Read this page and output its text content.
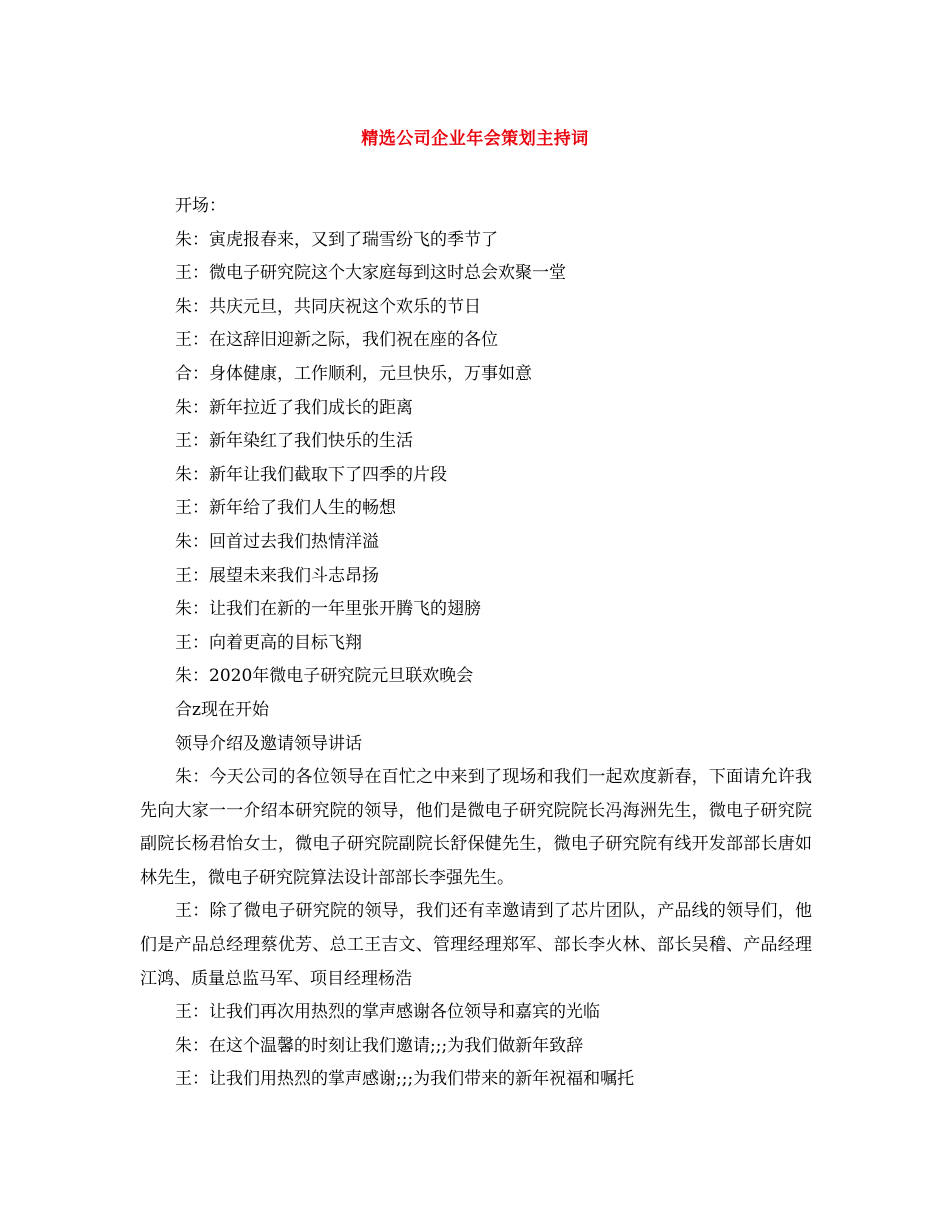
精选公司企业年会策划主持词
开场：
朱：寅虎报春来，又到了瑞雪纷飞的季节了
王：微电子研究院这个大家庭每到这时总会欢聚一堂
朱：共庆元旦，共同庆祝这个欢乐的节日
王：在这辞旧迎新之际，我们祝在座的各位
合：身体健康，工作顺利，元旦快乐，万事如意
朱：新年拉近了我们成长的距离
王：新年染红了我们快乐的生活
朱：新年让我们截取下了四季的片段
王：新年给了我们人生的畅想
朱：回首过去我们热情洋溢
王：展望未来我们斗志昂扬
朱：让我们在新的一年里张开腾飞的翅膀
王：向着更高的目标飞翔
朱：2020年微电子研究院元旦联欢晚会
合z现在开始
领导介绍及邀请领导讲话

朱：今天公司的各位领导在百忙之中来到了现场和我们一起欢度新春，下面请允许我先向大家一一介绍本研究院的领导，他们是微电子研究院院长冯海洲先生，微电子研究院副院长杨君怡女士，微电子研究院副院长舒保健先生，微电子研究院有线开发部部长唐如林先生，微电子研究院算法设计部部长李强先生。

王：除了微电子研究院的领导，我们还有幸邀请到了芯片团队，产品线的领导们，他们是产品总经理蔡优芳、总工王吉文、管理经理郑军、部长李火林、部长吴稽、产品经理江鸿、质量总监马军、项目经理杨浩

王：让我们再次用热烈的掌声感谢各位领导和嘉宾的光临
朱：在这个温馨的时刻让我们邀请;;;为我们做新年致辞
王：让我们用热烈的掌声感谢;;;为我们带来的新年祝福和嘱托
